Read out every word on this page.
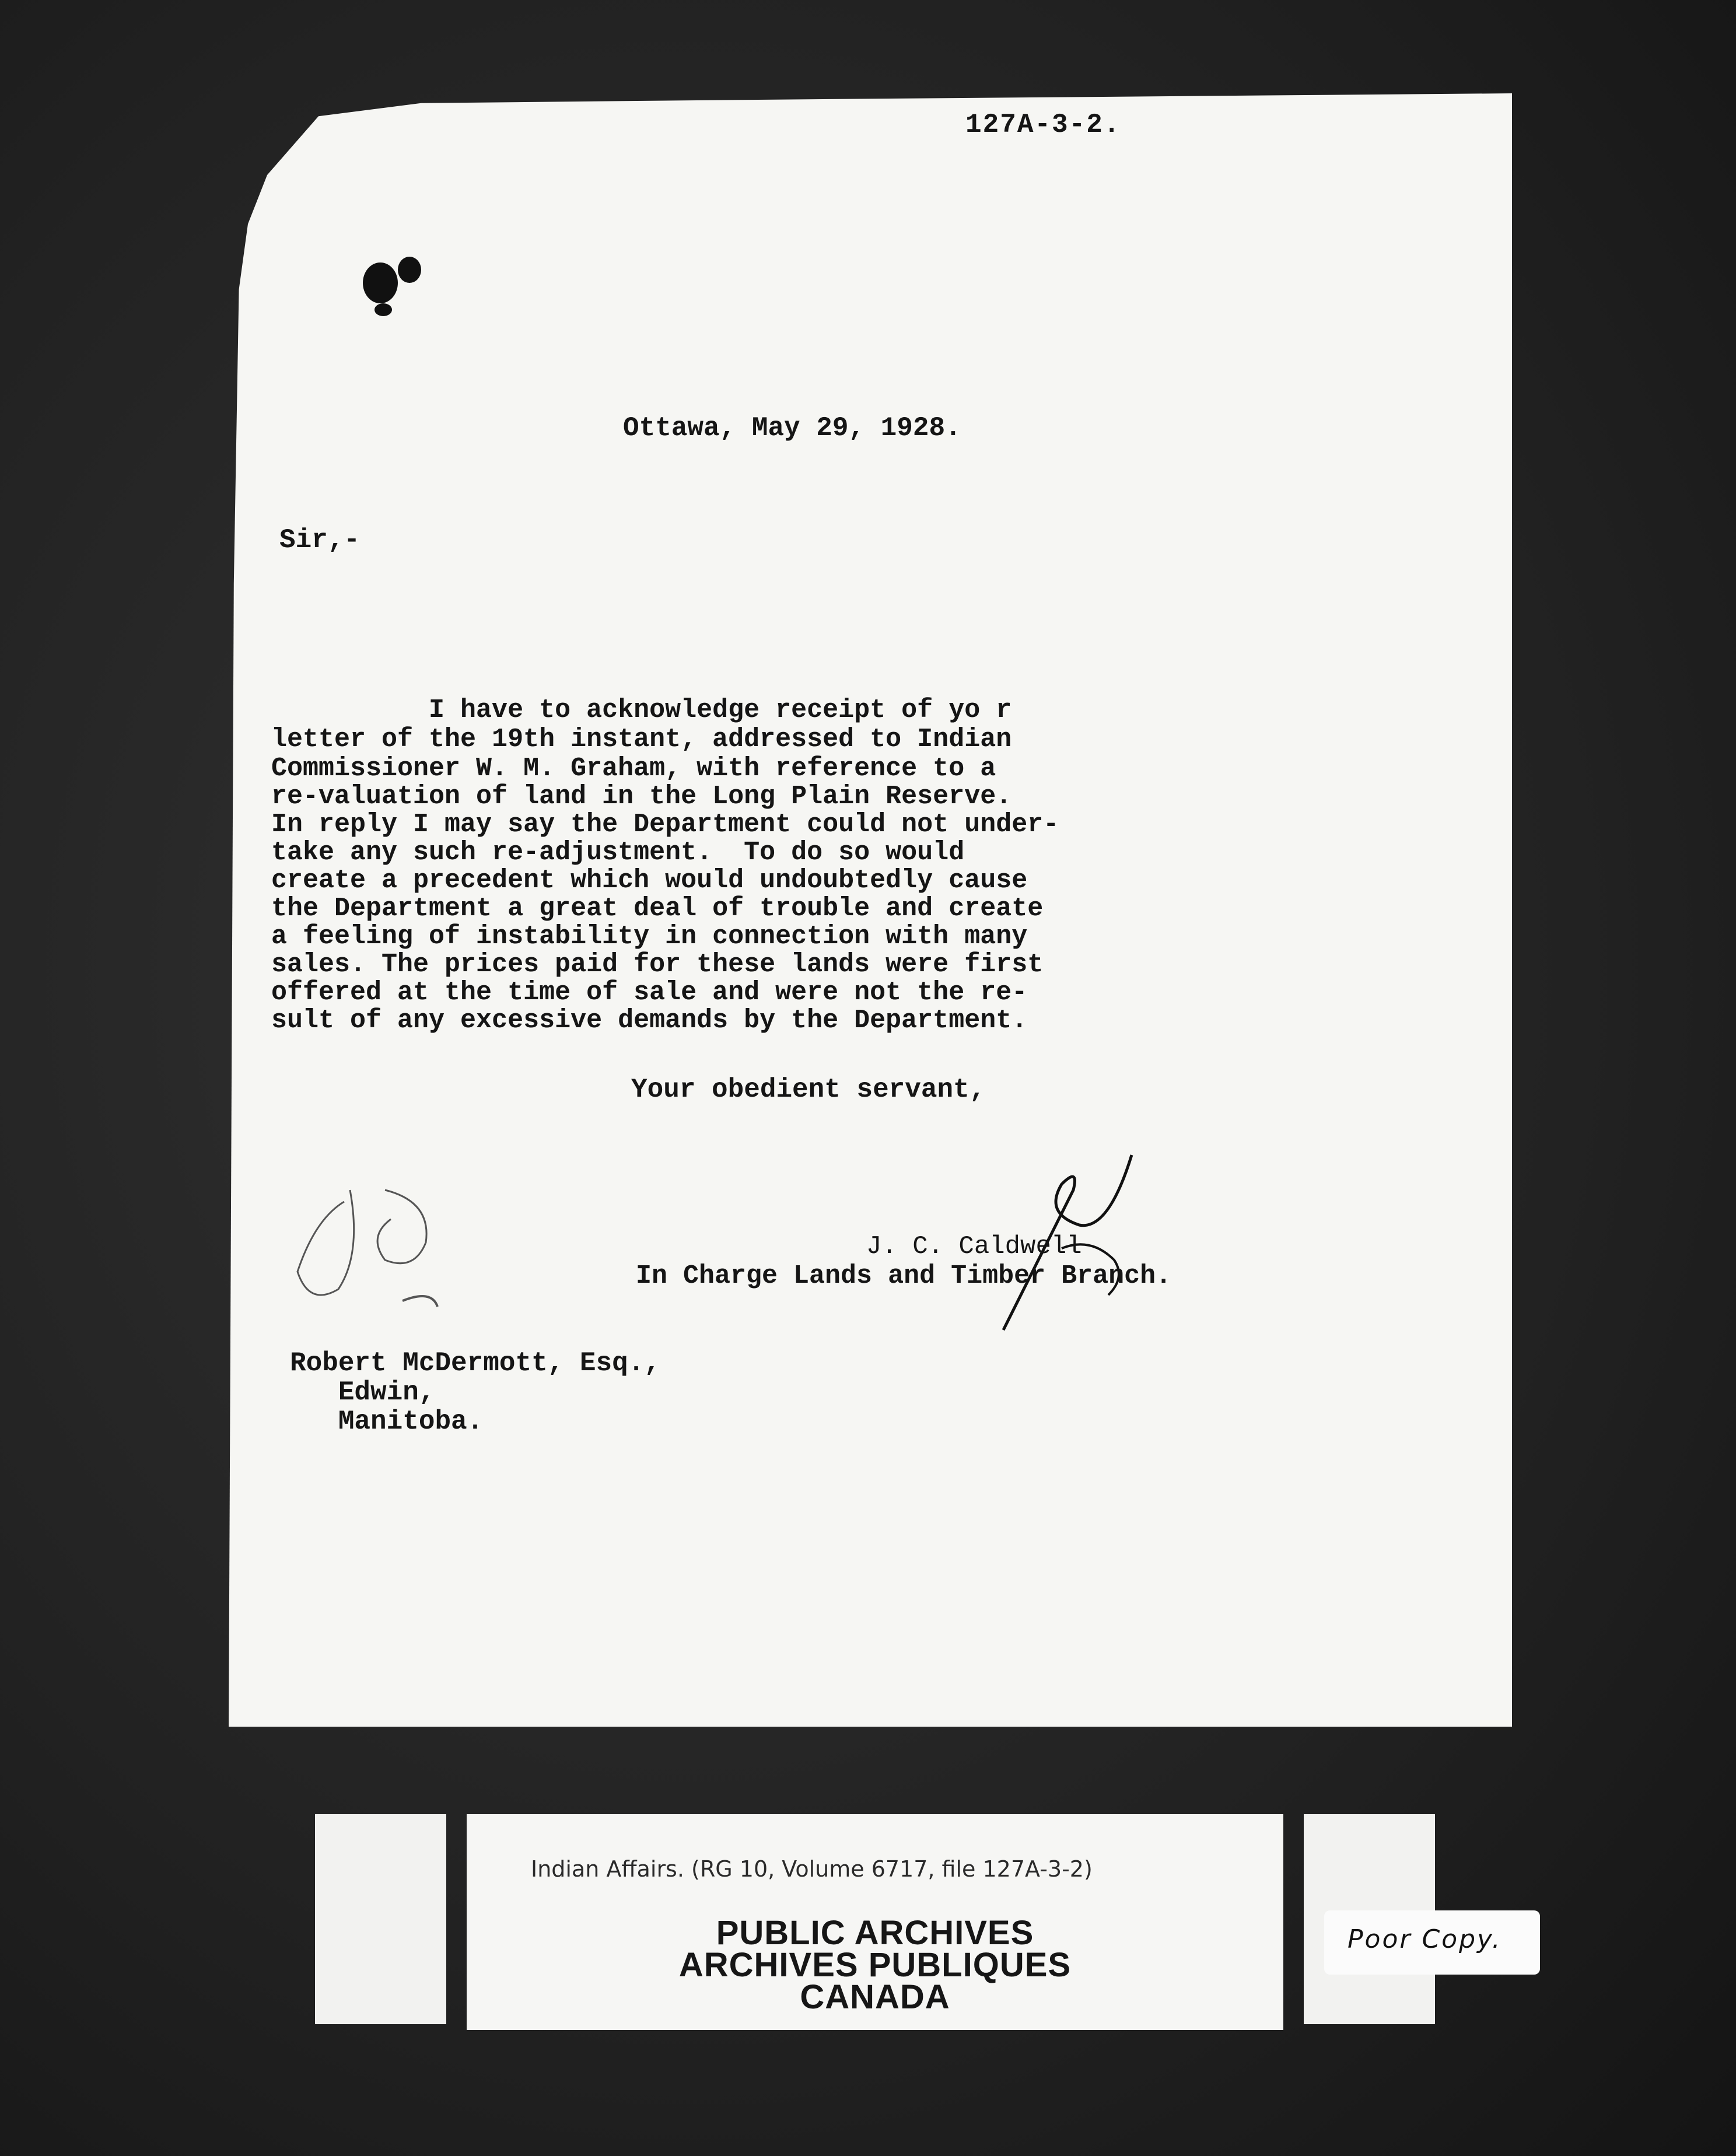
127A-3-2.
Ottawa, May 29, 1928.
Sir,-
I have to acknowledge receipt of yo r
letter of the 19th instant, addressed to Indian
Commissioner W. M. Graham, with reference to a
re-valuation of land in the Long Plain Reserve.
In reply I may say the Department could not under-
take any such re-adjustment.  To do so would
create a precedent which would undoubtedly cause
the Department a great deal of trouble and create
a feeling of instability in connection with many
sales. The prices paid for these lands were first
offered at the time of sale and were not the re-
sult of any excessive demands by the Department.
Your obedient servant,
J. C. Caldwell
In Charge Lands and Timber Branch.
Robert McDermott, Esq.,
Edwin,
Manitoba.
Indian Affairs. (RG 10, Volume 6717, file 127A-3-2)
PUBLIC ARCHIVES
ARCHIVES PUBLIQUES
CANADA
Poor Copy.
